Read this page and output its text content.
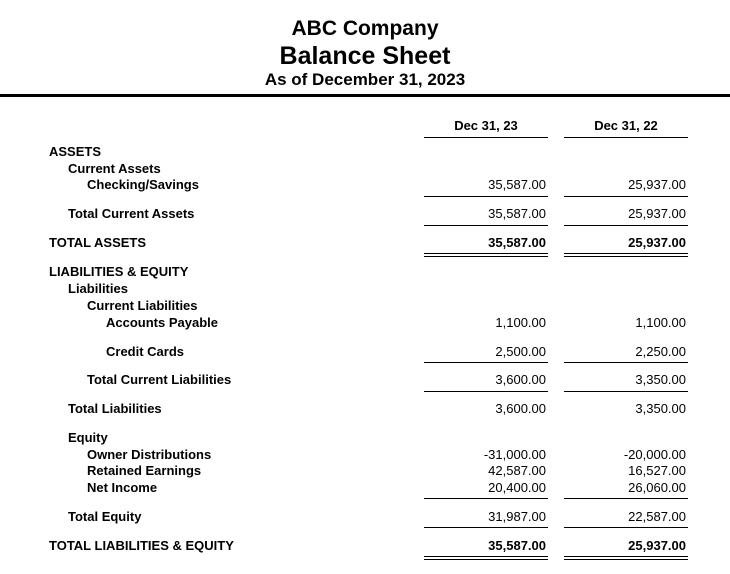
ABC Company
Balance Sheet
As of December 31, 2023
Dec 31, 23	Dec 31, 22
ASSETS
Current Assets
Checking/Savings	35,587.00	25,937.00
Total Current Assets	35,587.00	25,937.00
TOTAL ASSETS	35,587.00	25,937.00
LIABILITIES & EQUITY
Liabilities
Current Liabilities
Accounts Payable	1,100.00	1,100.00
Credit Cards	2,500.00	2,250.00
Total Current Liabilities	3,600.00	3,350.00
Total Liabilities	3,600.00	3,350.00
Equity
Owner Distributions	-31,000.00	-20,000.00
Retained Earnings	42,587.00	16,527.00
Net Income	20,400.00	26,060.00
Total Equity	31,987.00	22,587.00
TOTAL LIABILITIES & EQUITY	35,587.00	25,937.00
